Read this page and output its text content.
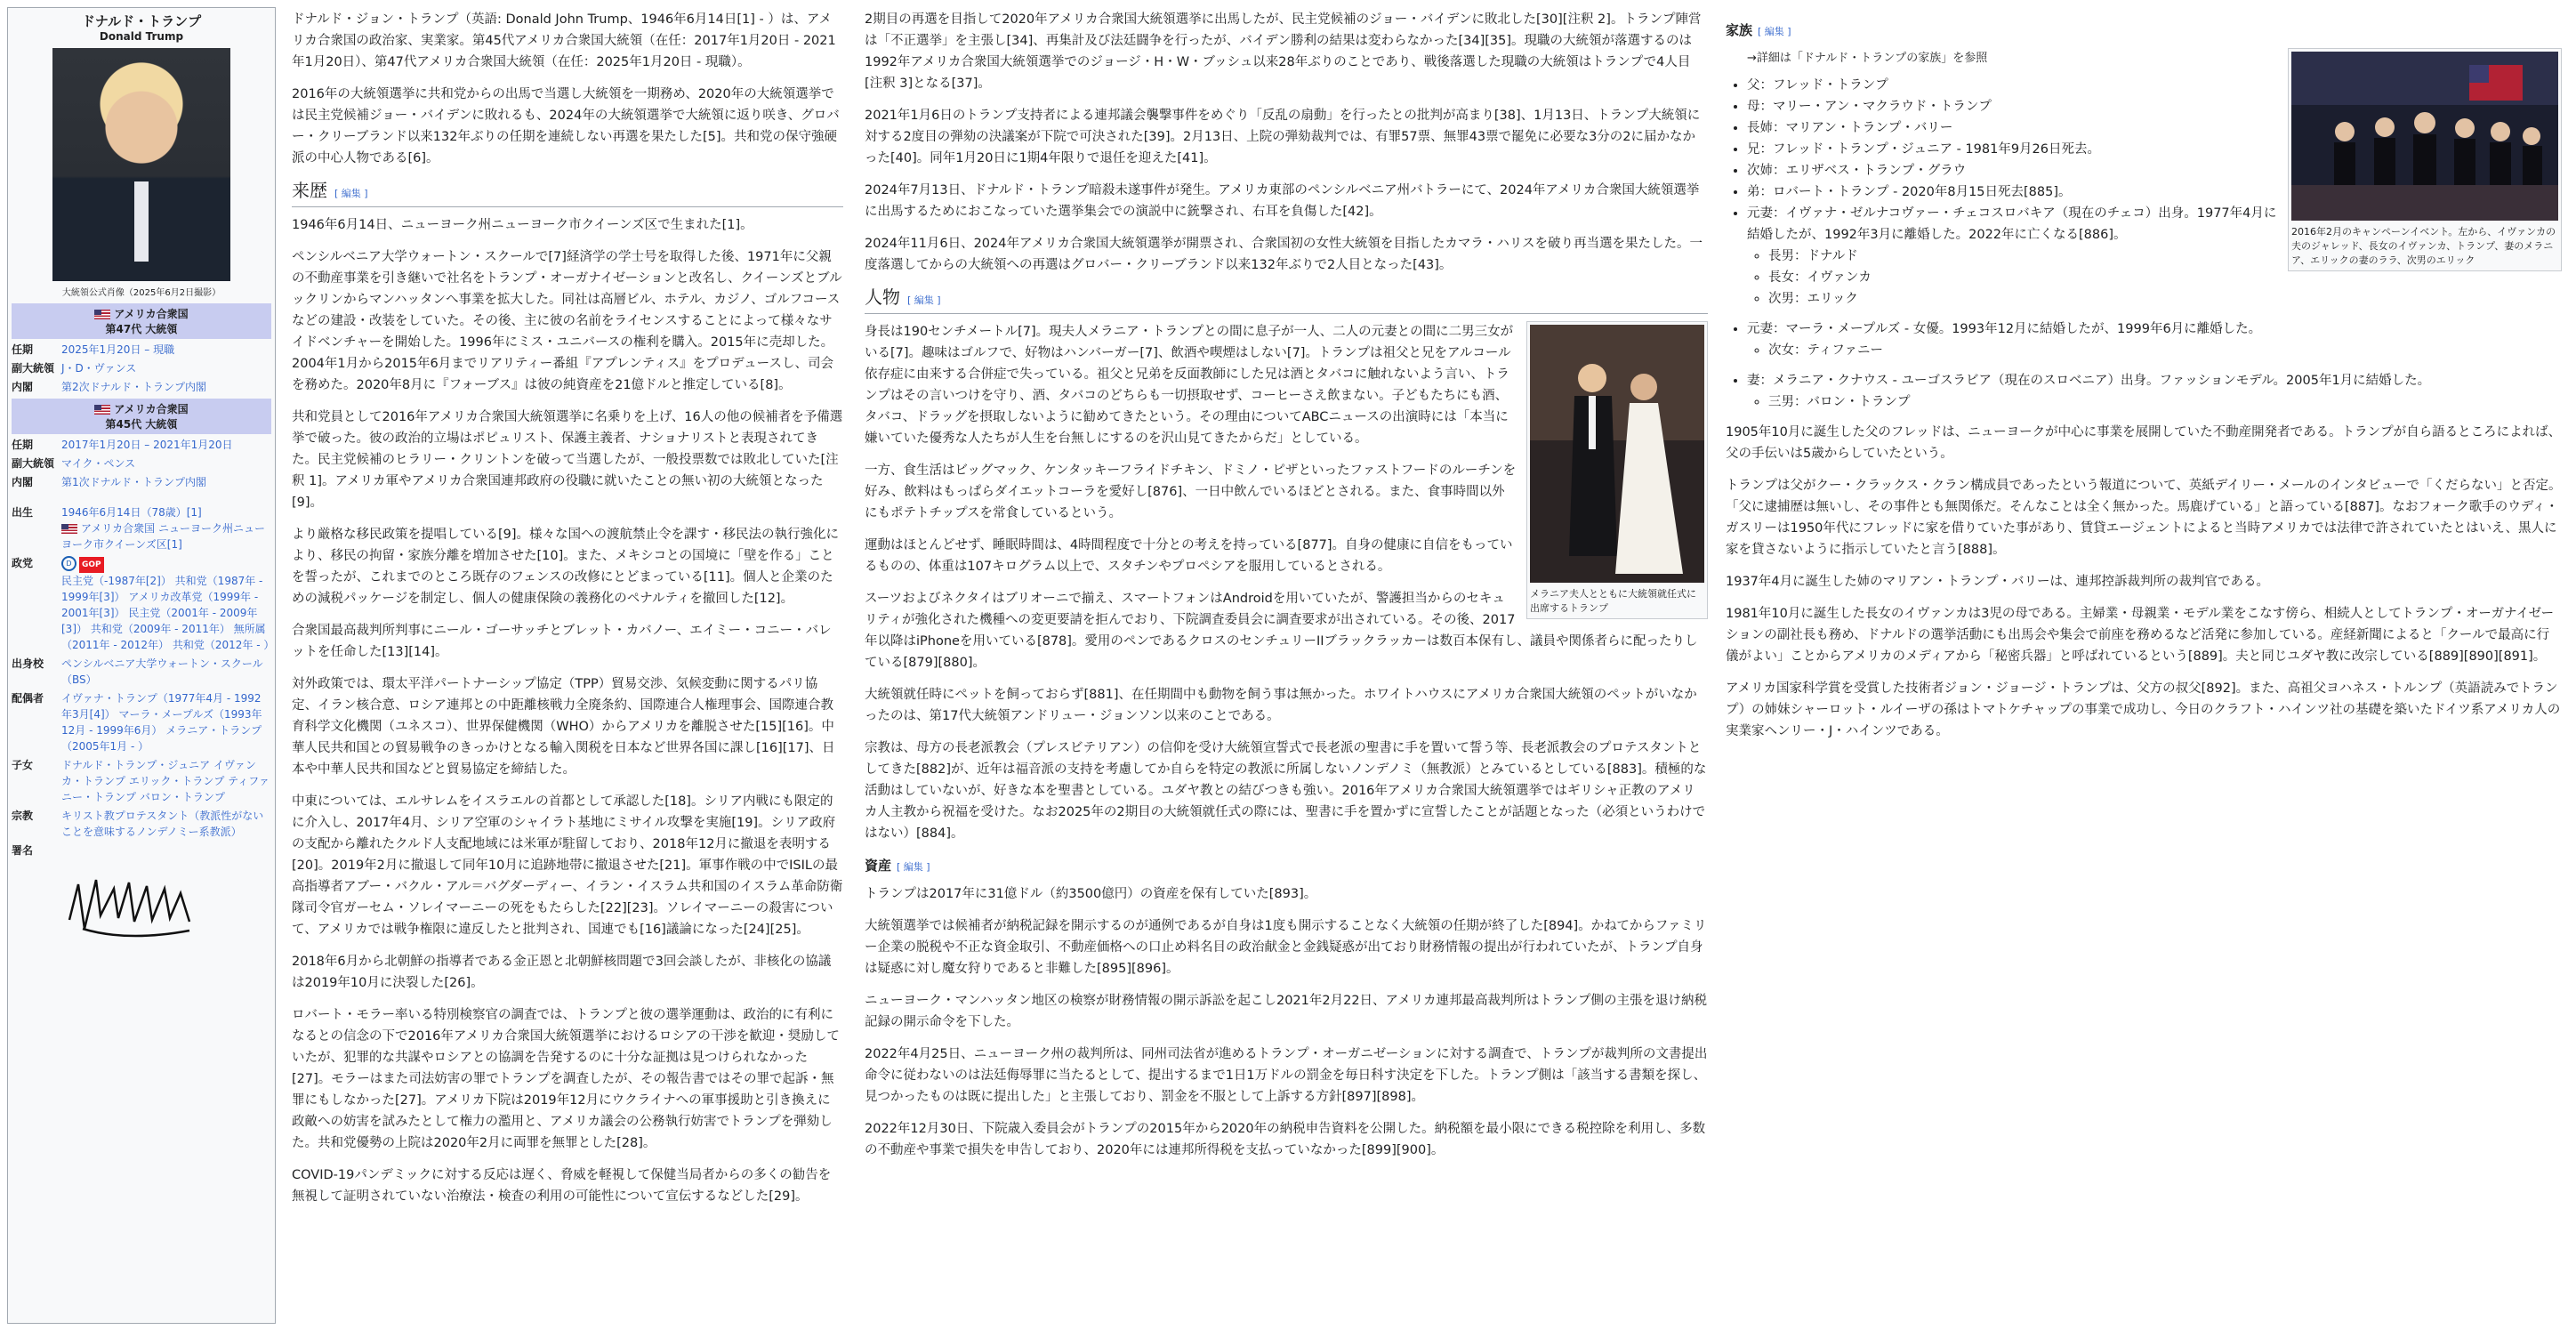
ドナルド・トランプ
Donald Trump
大統領公式肖像（2025年6月2日撮影）
アメリカ合衆国
第47代 大統領
任期	2025年1月20日 – 現職
副大統領 J・D・ヴァンス
内閣	第2次ドナルド・トランプ内閣
アメリカ合衆国
第45代 大統領
任期	2017年1月20日 – 2021年1月20日
副大統領 マイク・ペンス
内閣	第1次ドナルド・トランプ内閣
出生	1946年6月14日（78歳）[1]
アメリカ合衆国 ニューヨーク州ニューヨーク市クイーンズ区[1]
政党	D GOP
民主党（-1987年[2]） 共和党（1987年 - 1999年[3]） アメリカ改革党（1999年 - 2001年[3]） 民主党（2001年 - 2009年[3]） 共和党（2009年 - 2011年） 無所属（2011年 - 2012年） 共和党（2012年 - ）
出身校	ペンシルベニア大学ウォートン・スクール（BS）
配偶者	イヴァナ・トランプ（1977年4月 - 1992年3月[4]） マーラ・メープルズ（1993年12月 - 1999年6月） メラニア・トランプ（2005年1月 - ）
子女	ドナルド・トランプ・ジュニア イヴァンカ・トランプ エリック・トランプ ティファニー・トランプ バロン・トランプ
宗教	キリスト教プロテスタント（教派性がないことを意味するノンデノミー系教派）
署名

ドナルド・ジョン・トランプ（英語: Donald John Trump、1946年6月14日[1] - ）は、アメリカ合衆国の政治家、実業家。第45代アメリカ合衆国大統領（在任：2017年1月20日 - 2021年1月20日）、第47代アメリカ合衆国大統領（在任：2025年1月20日 - 現職）。

2016年の大統領選挙に共和党からの出馬で当選し大統領を一期務め、2020年の大統領選挙では民主党候補ジョー・バイデンに敗れるも、2024年の大統領選挙で大統領に返り咲き、グロバー・クリーブランド以来132年ぶりの任期を連続しない再選を果たした[5]。共和党の保守強硬派の中心人物である[6]。

来歴 [ 編集 ]

1946年6月14日、ニューヨーク州ニューヨーク市クイーンズ区で生まれた[1]。

ペンシルベニア大学ウォートン・スクールで[7]経済学の学士号を取得した後、1971年に父親の不動産事業を引き継いで社名をトランプ・オーガナイゼーションと改名し、クイーンズとブルックリンからマンハッタンへ事業を拡大した。同社は高層ビル、ホテル、カジノ、ゴルフコースなどの建設・改装をしていた。その後、主に彼の名前をライセンスすることによって様々なサイドベンチャーを開始した。1996年にミス・ユニバースの権利を購入。2015年に売却した。2004年1月から2015年6月までリアリティー番組『アプレンティス』をプロデュースし、司会を務めた。2020年8月に『フォーブス』は彼の純資産を21億ドルと推定している[8]。

共和党員として2016年アメリカ合衆国大統領選挙に名乗りを上げ、16人の他の候補者を予備選挙で破った。彼の政治的立場はポピュリスト、保護主義者、ナショナリストと表現されてきた。民主党候補のヒラリー・クリントンを破って当選したが、一般投票数では敗北していた[注釈 1]。アメリカ軍やアメリカ合衆国連邦政府の役職に就いたことの無い初の大統領となった[9]。

より厳格な移民政策を提唱している[9]。様々な国への渡航禁止令を課す・移民法の執行強化により、移民の拘留・家族分離を増加させた[10]。また、メキシコとの国境に「壁を作る」ことを誓ったが、これまでのところ既存のフェンスの改修にとどまっている[11]。個人と企業のための減税パッケージを制定し、個人の健康保険の義務化のペナルティを撤回した[12]。

合衆国最高裁判所判事にニール・ゴーサッチとブレット・カバノー、エイミー・コニー・バレットを任命した[13][14]。

対外政策では、環太平洋パートナーシップ協定（TPP）貿易交渉、気候変動に関するパリ協定、イラン核合意、ロシア連邦との中距離核戦力全廃条約、国際連合人権理事会、国際連合教育科学文化機関（ユネスコ）、世界保健機関（WHO）からアメリカを離脱させた[15][16]。中華人民共和国との貿易戦争のきっかけとなる輸入関税を日本など世界各国に課し[16][17]、日本や中華人民共和国などと貿易協定を締結した。

中東については、エルサレムをイスラエルの首都として承認した[18]。シリア内戦にも限定的に介入し、2017年4月、シリア空軍のシャイラト基地にミサイル攻撃を実施[19]。シリア政府の支配から離れたクルド人支配地域には米軍が駐留しており、2018年12月に撤退を表明する[20]。2019年2月に撤退して同年10月に追跡地帯に撤退させた[21]。軍事作戦の中でISILの最高指導者アブー・バクル・アル＝バグダーディー、イラン・イスラム共和国のイスラム革命防衛隊司令官ガーセム・ソレイマーニーの死をもたらした[22][23]。ソレイマーニーの殺害について、アメリカでは戦争権限に違反したと批判され、国連でも[16]議論になった[24][25]。

2018年6月から北朝鮮の指導者である金正恩と北朝鮮核問題で3回会談したが、非核化の協議は2019年10月に決裂した[26]。

ロバート・モラー率いる特別検察官の調査では、トランプと彼の選挙運動は、政治的に有利になるとの信念の下で2016年アメリカ合衆国大統領選挙におけるロシアの干渉を歓迎・奨励していたが、犯罪的な共謀やロシアとの協調を告発するのに十分な証拠は見つけられなかった[27]。モラーはまた司法妨害の罪でトランプを調査したが、その報告書ではその罪で起訴・無罪にもしなかった[27]。アメリカ下院は2019年12月にウクライナへの軍事援助と引き換えに政敵への妨害を試みたとして権力の濫用と、アメリカ議会の公務執行妨害でトランプを弾劾した。共和党優勢の上院は2020年2月に両罪を無罪とした[28]。

COVID-19パンデミックに対する反応は遅く、脅威を軽視して保健当局者からの多くの勧告を無視して証明されていない治療法・検査の利用の可能性について宣伝するなどした[29]。

2期目の再選を目指して2020年アメリカ合衆国大統領選挙に出馬したが、民主党候補のジョー・バイデンに敗北した[30][注釈 2]。トランプ陣営は「不正選挙」を主張し[34]、再集計及び法廷闘争を行ったが、バイデン勝利の結果は変わらなかった[34][35]。現職の大統領が落選するのは1992年アメリカ合衆国大統領選挙でのジョージ・H・W・ブッシュ以来28年ぶりのことであり、戦後落選した現職の大統領はトランプで4人目[注釈 3]となる[37]。

2021年1月6日のトランプ支持者による連邦議会襲撃事件をめぐり「反乱の扇動」を行ったとの批判が高まり[38]、1月13日、トランプ大統領に対する2度目の弾劾の決議案が下院で可決された[39]。2月13日、上院の弾劾裁判では、有罪57票、無罪43票で罷免に必要な3分の2に届かなかった[40]。同年1月20日に1期4年限りで退任を迎えた[41]。

2024年7月13日、ドナルド・トランプ暗殺未遂事件が発生。アメリカ東部のペンシルベニア州バトラーにて、2024年アメリカ合衆国大統領選挙に出馬するためにおこなっていた選挙集会での演説中に銃撃され、右耳を負傷した[42]。

2024年11月6日、2024年アメリカ合衆国大統領選挙が開票され、合衆国初の女性大統領を目指したカマラ・ハリスを破り再当選を果たした。一度落選してからの大統領への再選はグロバー・クリーブランド以来132年ぶりで2人目となった[43]。

人物 [ 編集 ]
メラニア夫人とともに大統領就任式に出席するトランプ

身長は190センチメートル[7]。現夫人メラニア・トランプとの間に息子が一人、二人の元妻との間に二男三女がいる[7]。趣味はゴルフで、好物はハンバーガー[7]、飲酒や喫煙はしない[7]。トランプは祖父と兄をアルコール依存症に由来する合併症で失っている。祖父と兄弟を反面教師にした兄は酒とタバコに触れないよう言い、トランプはその言いつけを守り、酒、タバコのどちらも一切摂取せず、コーヒーさえ飲まない。子どもたちにも酒、タバコ、ドラッグを摂取しないように勧めてきたという。その理由についてABCニュースの出演時には「本当に嫌いていた優秀な人たちが人生を台無しにするのを沢山見てきたからだ」としている。

一方、食生活はビッグマック、ケンタッキーフライドチキン、ドミノ・ピザといったファストフードのルーチンを好み、飲料はもっぱらダイエットコーラを愛好し[876]、一日中飲んでいるほどとされる。また、食事時間以外にもポテトチップスを常食しているという。

運動はほとんどせず、睡眠時間は、4時間程度で十分との考えを持っている[877]。自身の健康に自信をもっているものの、体重は107キログラム以上で、スタチンやプロペシアを服用しているとされる。

スーツおよびネクタイはブリオーニで揃え、スマートフォンはAndroidを用いていたが、警護担当からのセキュリティが強化された機種への変更要請を拒んでおり、下院調査委員会に調査要求が出されている。その後、2017年以降はiPhoneを用いている[878]。愛用のペンであるクロスのセンチュリーIIブラックラッカーは数百本保有し、議員や関係者らに配ったりしている[879][880]。

大統領就任時にペットを飼っておらず[881]、在任期間中も動物を飼う事は無かった。ホワイトハウスにアメリカ合衆国大統領のペットがいなかったのは、第17代大統領アンドリュー・ジョンソン以来のことである。

宗教は、母方の長老派教会（プレスビテリアン）の信仰を受け大統領宣誓式で長老派の聖書に手を置いて誓う等、長老派教会のプロテスタントとしてきた[882]が、近年は福音派の支持を考慮してか自らを特定の教派に所属しないノンデノミ（無教派）とみているとしている[883]。積極的な活動はしていないが、好きな本を聖書としている。ユダヤ教との結びつきも強い。2016年アメリカ合衆国大統領選挙ではギリシャ正教のアメリカ人主教から祝福を受けた。なお2025年の2期目の大統領就任式の際には、聖書に手を置かずに宣誓したことが話題となった（必須というわけではない）[884]。

資産 [ 編集 ]

トランプは2017年に31億ドル（約3500億円）の資産を保有していた[893]。

大統領選挙では候補者が納税記録を開示するのが通例であるが自身は1度も開示することなく大統領の任期が終了した[894]。かねてからファミリー企業の脱税や不正な資金取引、不動産価格への口止め料名目の政治献金と金銭疑惑が出ており財務情報の提出が行われていたが、トランプ自身は疑惑に対し魔女狩りであると非難した[895][896]。

ニューヨーク・マンハッタン地区の検察が財務情報の開示訴訟を起こし2021年2月22日、アメリカ連邦最高裁判所はトランプ側の主張を退け納税記録の開示命令を下した。

2022年4月25日、ニューヨーク州の裁判所は、同州司法省が進めるトランプ・オーガニゼーションに対する調査で、トランプが裁判所の文書提出命令に従わないのは法廷侮辱罪に当たるとして、提出するまで1日1万ドルの罰金を毎日科す決定を下した。トランプ側は「該当する書類を探し、見つかったものは既に提出した」と主張しており、罰金を不服として上訴する方針[897][898]。

2022年12月30日、下院歳入委員会がトランプの2015年から2020年の納税申告資料を公開した。納税額を最小限にできる税控除を利用し、多数の不動産や事業で損失を申告しており、2020年には連邦所得税を支払っていなかった[899][900]。

家族 [ 編集 ]
2016年2月のキャンペーンイベント。左から、イヴァンカの夫のジャレッド、長女のイヴァンカ、トランプ、妻のメラニア、エリックの妻のララ、次男のエリック
→詳細は「ドナルド・トランプの家族」を参照
• 父：フレッド・トランプ
• 母：マリー・アン・マクラウド・トランプ
• 長姉：マリアン・トランプ・バリー
• 兄：フレッド・トランプ・ジュニア - 1981年9月26日死去。
• 次姉：エリザベス・トランプ・グラウ
• 弟：ロバート・トランプ - 2020年8月15日死去[885]。
• 元妻：イヴァナ・ゼルナコヴァー・チェコスロバキア（現在のチェコ）出身。1977年4月に結婚したが、1992年3月に離婚した。2022年に亡くなる[886]。
◦ 長男：ドナルド
◦ 長女：イヴァンカ
◦ 次男：エリック
• 元妻：マーラ・メープルズ - 女優。1993年12月に結婚したが、1999年6月に離婚した。
◦ 次女：ティファニー
• 妻：メラニア・クナウス - ユーゴスラビア（現在のスロベニア）出身。ファッションモデル。2005年1月に結婚した。
◦ 三男：バロン・トランプ

1905年10月に誕生した父のフレッドは、ニューヨークが中心に事業を展開していた不動産開発者である。トランプが自ら語るところによれば、父の手伝いは5歳からしていたという。

トランプは父がクー・クラックス・クラン構成員であったという報道について、英紙デイリー・メールのインタビューで「くだらない」と否定。「父に逮捕歴は無いし、その事件とも無関係だ。そんなことは全く無かった。馬鹿げている」と語っている[887]。なおフォーク歌手のウディ・ガスリーは1950年代にフレッドに家を借りていた事があり、賃貸エージェントによると当時アメリカでは法律で許されていたとはいえ、黒人に家を貸さないように指示していたと言う[888]。

1937年4月に誕生した姉のマリアン・トランプ・バリーは、連邦控訴裁判所の裁判官である。

1981年10月に誕生した長女のイヴァンカは3児の母である。主婦業・母親業・モデル業をこなす傍ら、相続人としてトランプ・オーガナイゼーションの副社長も務め、ドナルドの選挙活動にも出馬会や集会で前座を務めるなど活発に参加している。産経新聞によると「クールで最高に行儀がよい」ことからアメリカのメディアから「秘密兵器」と呼ばれているという[889]。夫と同じユダヤ教に改宗している[889][890][891]。

アメリカ国家科学賞を受賞した技術者ジョン・ジョージ・トランプは、父方の叔父[892]。また、高祖父ヨハネス・トルンプ（英語読みでトランプ）の姉妹シャーロット・ルイーザの孫はトマトケチャップの事業で成功し、今日のクラフト・ハインツ社の基礎を築いたドイツ系アメリカ人の実業家ヘンリー・J・ハインツである。
